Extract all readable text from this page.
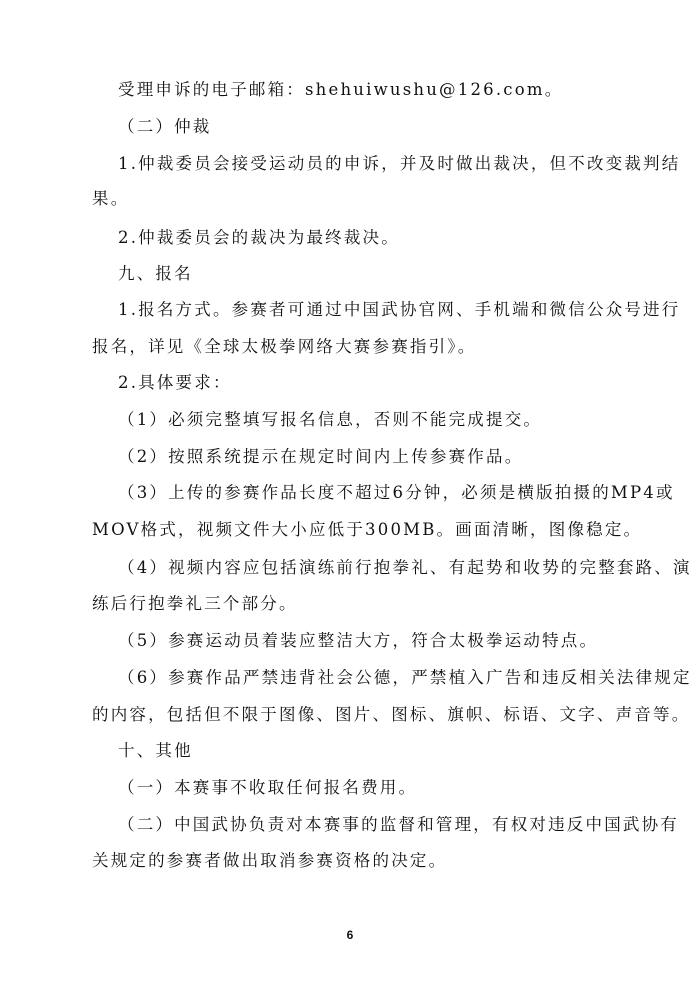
受理申诉的电子邮箱：shehuiwushu@126.com。
（二）仲裁
1.仲裁委员会接受运动员的申诉，并及时做出裁决，但不改变裁判结
果。
2.仲裁委员会的裁决为最终裁决。
九、报名
1.报名方式。参赛者可通过中国武协官网、手机端和微信公众号进行
报名，详见《全球太极拳网络大赛参赛指引》。
2.具体要求：
（1）必须完整填写报名信息，否则不能完成提交。
（2）按照系统提示在规定时间内上传参赛作品。
（3）上传的参赛作品长度不超过6分钟，必须是横版拍摄的MP4或
MOV格式，视频文件大小应低于300MB。画面清晰，图像稳定。
（4）视频内容应包括演练前行抱拳礼、有起势和收势的完整套路、演
练后行抱拳礼三个部分。
（5）参赛运动员着装应整洁大方，符合太极拳运动特点。
（6）参赛作品严禁违背社会公德，严禁植入广告和违反相关法律规定
的内容，包括但不限于图像、图片、图标、旗帜、标语、文字、声音等。
十、其他
（一）本赛事不收取任何报名费用。
（二）中国武协负责对本赛事的监督和管理，有权对违反中国武协有
关规定的参赛者做出取消参赛资格的决定。
6
